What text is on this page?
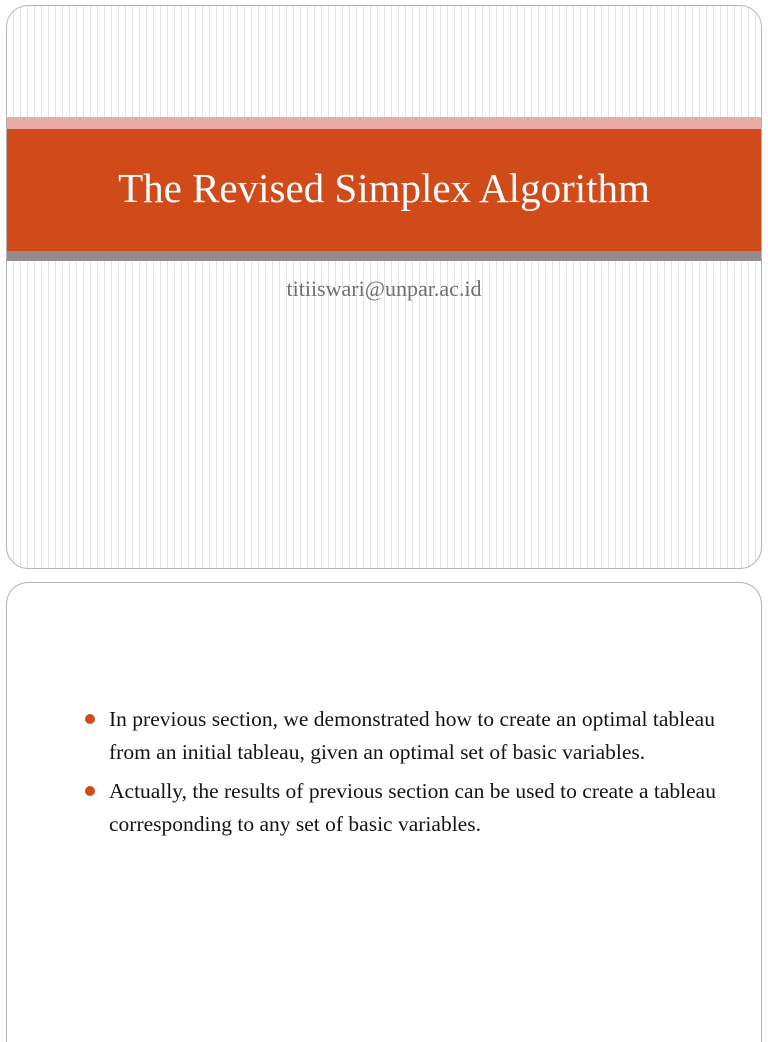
The Revised Simplex Algorithm
titiiswari@unpar.ac.id
In previous section, we demonstrated how to create an optimal tableau from an initial tableau, given an optimal set of basic variables.
Actually, the results of previous section can be used to create a tableau corresponding to any set of basic variables.
